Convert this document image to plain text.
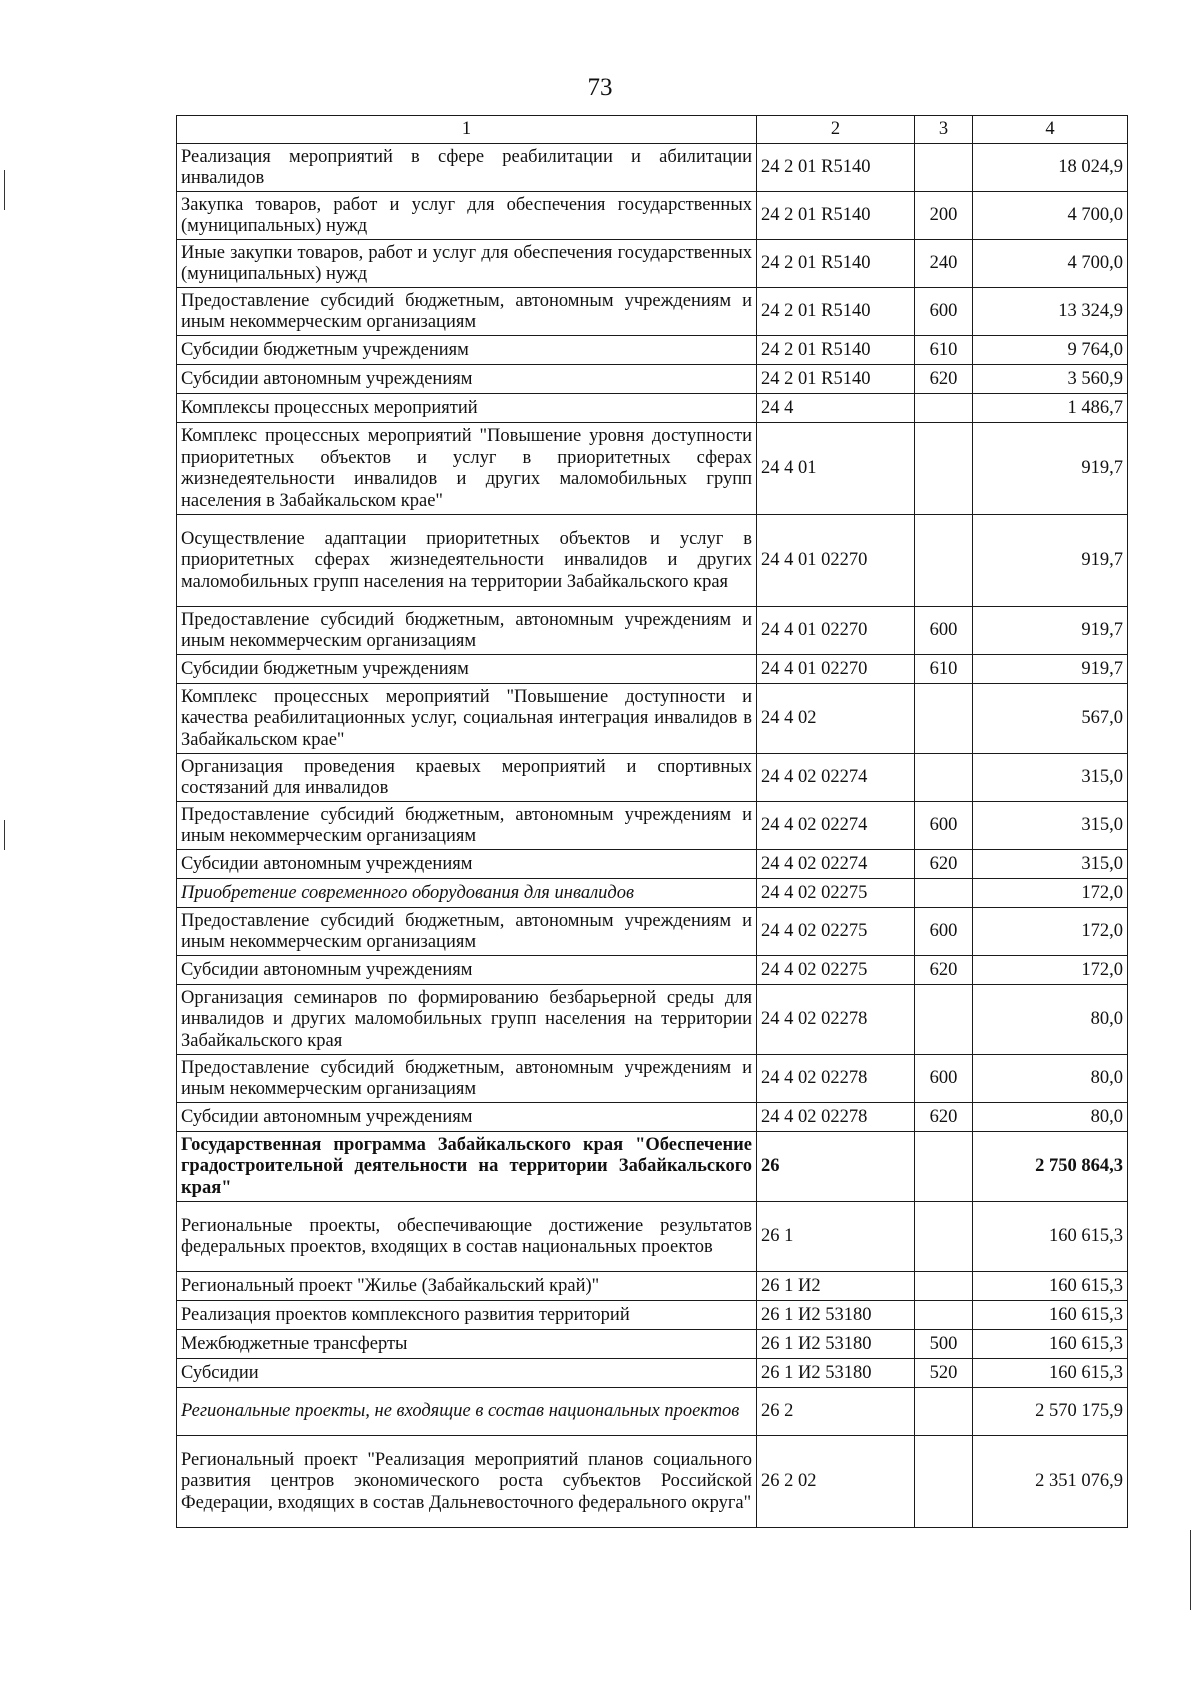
73
1	2	3	4
Реализация мероприятий в сфере реабилитации и абилитации инвалидов	24 2 01 R5140		18 024,9
Закупка товаров, работ и услуг для обеспечения государственных (муниципальных) нужд	24 2 01 R5140	200	4 700,0
Иные закупки товаров, работ и услуг для обеспечения государственных (муниципальных) нужд	24 2 01 R5140	240	4 700,0
Предоставление субсидий бюджетным, автономным учреждениям и иным некоммерческим организациям	24 2 01 R5140	600	13 324,9
Субсидии бюджетным учреждениям	24 2 01 R5140	610	9 764,0
Субсидии автономным учреждениям	24 2 01 R5140	620	3 560,9
Комплексы процессных мероприятий	24 4		1 486,7
Комплекс процессных мероприятий "Повышение уровня доступности приоритетных объектов и услуг в приоритетных сферах жизнедеятельности инвалидов и других маломобильных групп населения в Забайкальском крае"	24 4 01		919,7
Осуществление адаптации приоритетных объектов и услуг в приоритетных сферах жизнедеятельности инвалидов и других маломобильных групп населения на территории Забайкальского края	24 4 01 02270		919,7
Предоставление субсидий бюджетным, автономным учреждениям и иным некоммерческим организациям	24 4 01 02270	600	919,7
Субсидии бюджетным учреждениям	24 4 01 02270	610	919,7
Комплекс процессных мероприятий "Повышение доступности и качества реабилитационных услуг, социальная интеграция инвалидов в Забайкальском крае"	24 4 02		567,0
Организация проведения краевых мероприятий и спортивных состязаний для инвалидов	24 4 02 02274		315,0
Предоставление субсидий бюджетным, автономным учреждениям и иным некоммерческим организациям	24 4 02 02274	600	315,0
Субсидии автономным учреждениям	24 4 02 02274	620	315,0
Приобретение современного оборудования для инвалидов	24 4 02 02275		172,0
Предоставление субсидий бюджетным, автономным учреждениям и иным некоммерческим организациям	24 4 02 02275	600	172,0
Субсидии автономным учреждениям	24 4 02 02275	620	172,0
Организация семинаров по формированию безбарьерной среды для инвалидов и других маломобильных групп населения на территории Забайкальского края	24 4 02 02278		80,0
Предоставление субсидий бюджетным, автономным учреждениям и иным некоммерческим организациям	24 4 02 02278	600	80,0
Субсидии автономным учреждениям	24 4 02 02278	620	80,0
Государственная программа Забайкальского края "Обеспечение градостроительной деятельности на территории Забайкальского края"	26		2 750 864,3
Региональные проекты, обеспечивающие достижение результатов федеральных проектов, входящих в состав национальных проектов	26 1		160 615,3
Региональный проект "Жилье (Забайкальский край)"	26 1 И2		160 615,3
Реализация проектов комплексного развития территорий	26 1 И2 53180		160 615,3
Межбюджетные трансферты	26 1 И2 53180	500	160 615,3
Субсидии	26 1 И2 53180	520	160 615,3
Региональные проекты, не входящие в состав национальных проектов	26 2		2 570 175,9
Региональный проект "Реализация мероприятий планов социального развития центров экономического роста субъектов Российской Федерации, входящих в состав Дальневосточного федерального округа"	26 2 02		2 351 076,9
